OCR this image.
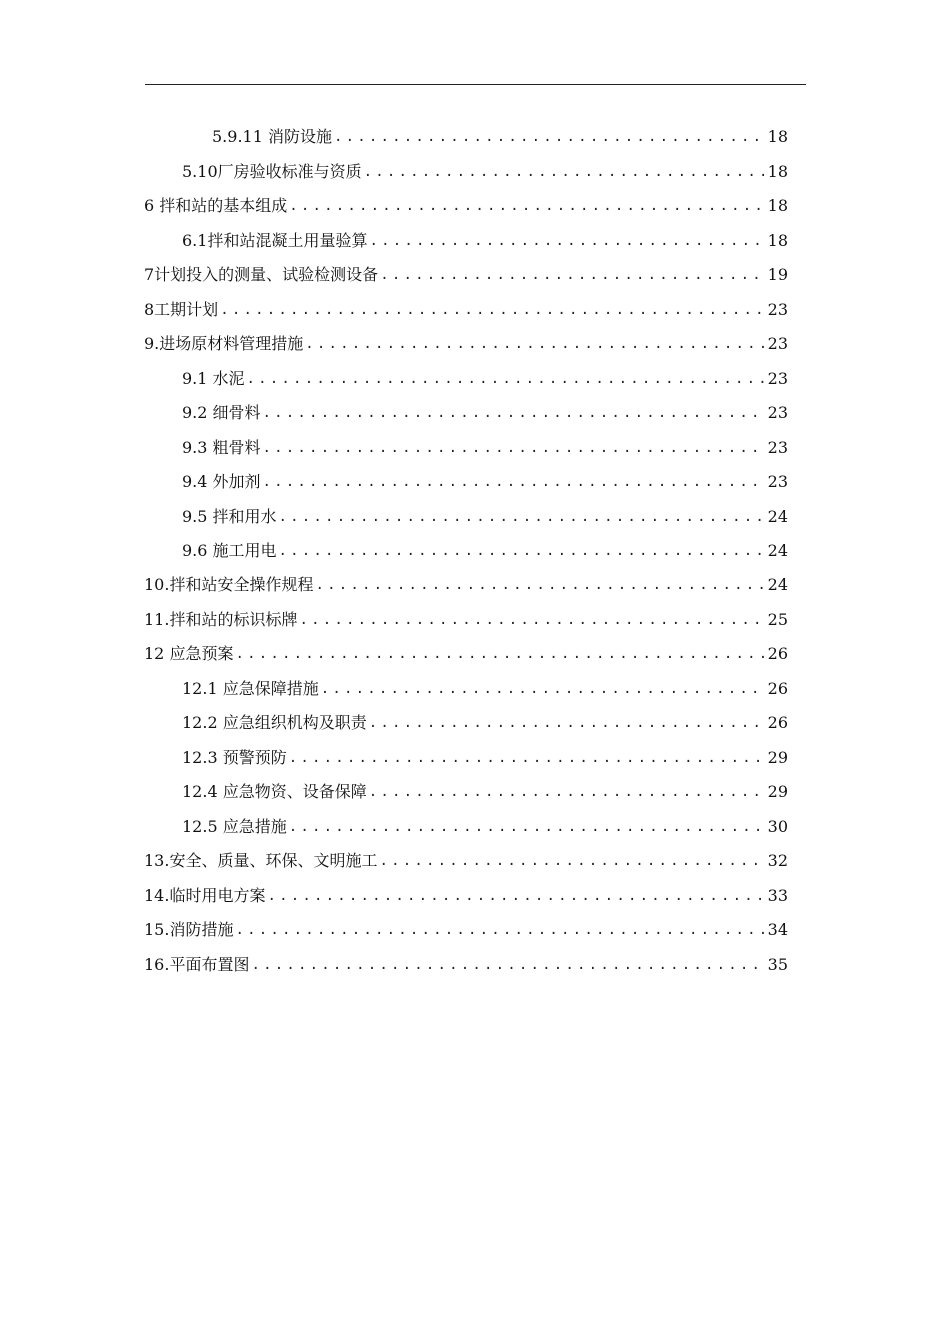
5.9.11 消防设施 .....	18
5.10厂房验收标准与资质 .....	18
6 拌和站的基本组成 .....	18
6.1拌和站混凝土用量验算 .....	18
7计划投入的测量、试验检测设备 .....	19
8工期计划 .....	23
9.进场原材料管理措施 .....	23
9.1 水泥 .....	23
9.2 细骨料 .....	23
9.3 粗骨料 .....	23
9.4 外加剂 .....	23
9.5 拌和用水 .....	24
9.6 施工用电 .....	24
10.拌和站安全操作规程 .....	24
11.拌和站的标识标牌 .....	25
12 应急预案 .....	26
12.1 应急保障措施 .....	26
12.2 应急组织机构及职责 .....	26
12.3 预警预防 .....	29
12.4 应急物资、设备保障 .....	29
12.5 应急措施 .....	30
13.安全、质量、环保、文明施工 .....	32
14.临时用电方案 .....	33
15.消防措施 .....	34
16.平面布置图 .....	35
